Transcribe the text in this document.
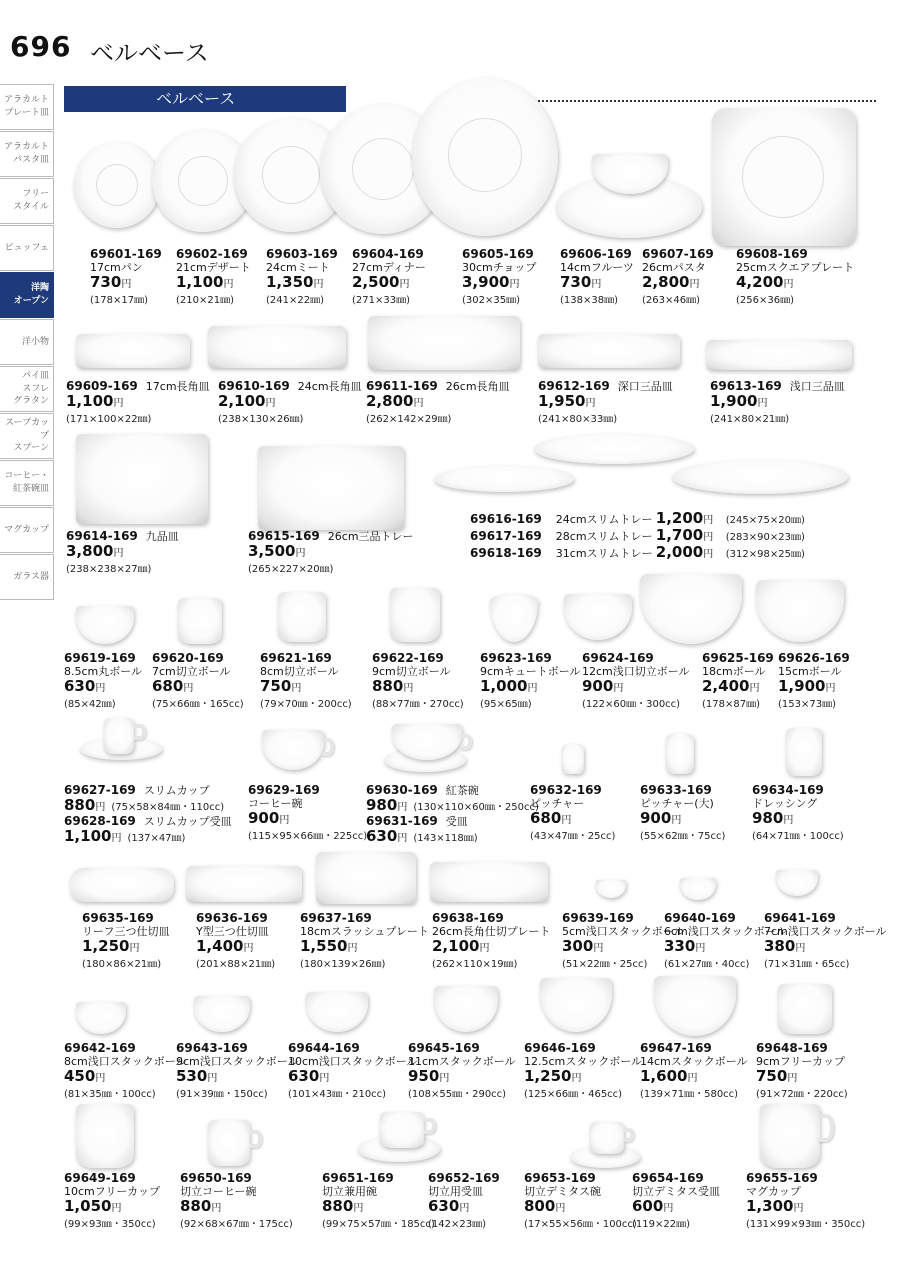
696 ベルベース
アラカルト
プレート皿
アラカルト
パスタ皿
フリー
スタイル
ビュッフェ
洋陶
オープン
洋小物
パイ皿
スフレ
グラタン
スープカップ
スプーン
コーヒー・
紅茶碗皿
マグカップ
ガラス器
ベルベース
69601-169
17cmパン
730円
(178×17㎜)
69602-169
21cmデザート
1,100円
(210×21㎜)
69603-169
24cmミート
1,350円
(241×22㎜)
69604-169
27cmディナー
2,500円
(271×33㎜)
69605-169
30cmチョップ
3,900円
(302×35㎜)
69606-169
14cmフルーツ
730円
(138×38㎜)
69607-169
26cmパスタ
2,800円
(263×46㎜)
69608-169
25cmスクエアプレート
4,200円
(256×36㎜)
69609-169 17cm長角皿
1,100円
(171×100×22㎜)
69610-169 24cm長角皿
2,100円
(238×130×26㎜)
69611-169 26cm長角皿
2,800円
(262×142×29㎜)
69612-169 深口三品皿
1,950円
(241×80×33㎜)
69613-169 浅口三品皿
1,900円
(241×80×21㎜)
69614-169 九品皿
3,800円
(238×238×27㎜)
69615-169 26cm三品トレー
3,500円
(265×227×20㎜)
69616-169 24cmスリムトレー 1,200円 (245×75×20㎜)
69617-169 28cmスリムトレー 1,700円 (283×90×23㎜)
69618-169 31cmスリムトレー 2,000円 (312×98×25㎜)
69619-169
8.5cm丸ボール
630円
(85×42㎜)
69620-169
7cm切立ボール
680円
(75×66㎜・165cc)
69621-169
8cm切立ボール
750円
(79×70㎜・200cc)
69622-169
9cm切立ボール
880円
(88×77㎜・270cc)
69623-169
9cmキュートボール
1,000円
(95×65㎜)
69624-169
12cm浅口切立ボール
900円
(122×60㎜・300cc)
69625-169
18cmボール
2,400円
(178×87㎜)
69626-169
15cmボール
1,900円
(153×73㎜)
69627-169 スリムカップ
880円 (75×58×84㎜・110cc)
69628-169 スリムカップ受皿
1,100円 (137×47㎜)
69629-169
コーヒー碗
900円
(115×95×66㎜・225cc)
69630-169 紅茶碗
980円 (130×110×60㎜・250cc)
69631-169 受皿
630円 (143×118㎜)
69632-169
ピッチャー
680円
(43×47㎜・25cc)
69633-169
ピッチャー(大)
900円
(55×62㎜・75cc)
69634-169
ドレッシング
980円
(64×71㎜・100cc)
69635-169
リーフ三つ仕切皿
1,250円
(180×86×21㎜)
69636-169
Y型三つ仕切皿
1,400円
(201×88×21㎜)
69637-169
18cmスラッシュプレート
1,550円
(180×139×26㎜)
69638-169
26cm長角仕切プレート
2,100円
(262×110×19㎜)
69639-169
5cm浅口スタックボール
300円
(51×22㎜・25cc)
69640-169
6cm浅口スタックボール
330円
(61×27㎜・40cc)
69641-169
7cm浅口スタックボール
380円
(71×31㎜・65cc)
69642-169
8cm浅口スタックボール
450円
(81×35㎜・100cc)
69643-169
9cm浅口スタックボール
530円
(91×39㎜・150cc)
69644-169
10cm浅口スタックボール
630円
(101×43㎜・210cc)
69645-169
11cmスタックボール
950円
(108×55㎜・290cc)
69646-169
12.5cmスタックボール
1,250円
(125×66㎜・465cc)
69647-169
14cmスタックボール
1,600円
(139×71㎜・580cc)
69648-169
9cmフリーカップ
750円
(91×72㎜・220cc)
69649-169
10cmフリーカップ
1,050円
(99×93㎜・350cc)
69650-169
切立コーヒー碗
880円
(92×68×67㎜・175cc)
69651-169
切立兼用碗
880円
(99×75×57㎜・185cc)
69652-169
切立用受皿
630円
(142×23㎜)
69653-169
切立デミタス碗
800円
(17×55×56㎜・100cc)
69654-169
切立デミタス受皿
600円
(119×22㎜)
69655-169
マグカップ
1,300円
(131×99×93㎜・350cc)
